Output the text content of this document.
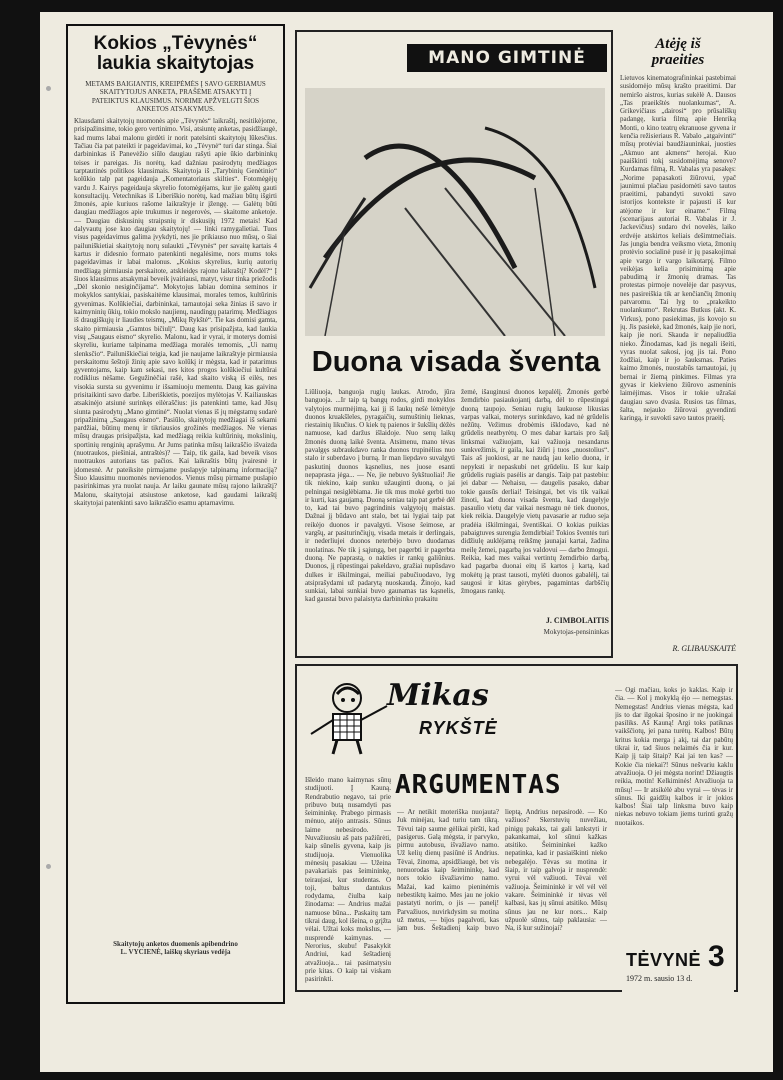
Kokios „Tėvynės“
laukia skaitytojas

METAMS BAIGIANTIS, KREIPĖMĖS Į SAVO GERBIAMUS SKAITYTOJUS ANKETA, PRAŠĖME ATSAKYTI Į PATEIKTUS KLAUSIMUS. NORIME APŽVELGTI ŠIOS ANKETOS ATSAKYMUS.

Klausdami skaitytojų nuomonės apie „Tėvynės“ laikraštį, nesitikėjome, prisipažinsime, tokio gero vertinimo. Visi, atsiuntę anketas, pasidžiaugė, kad mums labai malonu girdėti ir norit patelsinti skaitytojų lūkesčius. Tačiau čia pat pateikti ir pageidavimai, ko „Tėvynė“ turi dar stinga. Šiai darbininkas iš Panevėžio siūlo daugiau rašyti apie ūkio darbininkų teises ir pareigas. Jis norėtų, kad dažniau pasirodytų medžiagos tarptautinės politikos klausimais. Skaitytoja iš „Tarybinių Genėtinio“ kolūkio talp pat pageidauja „Komentatoriaus skilties“. Fotomėgėjų vardu J. Kairys pageidauja skyrelio fotomėgėjams, kur jie galėtų gauti konsultacijų. Vetechnikas iš Liberiškio norėtų, kad mažiau būtų išgirti žmonės, apie kuriuos rašome laikraštyje ir įžengę. — Galėtų būti daugiau medžiagos apie trukumus ir negerovės, — skaitome anketoje. — Daugiau diskusinių straipsnių ir diskusijų 1972 metais! Kad dalyvautų jose kuo daugiau skaitytojų! — linki ramygalietiai. Tuos visus pageidavimus galima įvykdyti, nes jie prikiauso nuo mūsų, o šiai pailuniškietiai skaitytojų norų sulaukti „Tėvynės“ per savaitę kartais 4 kartus ir didesnio formato patenkinti negalėsime, nors mums toks pageidavimas ir labai malonus. „Kokius skyrelius, kurių autorių medžiagą pirmiausia perskaitote, atskleidęs rajono laikraštį? Kodėl?“ Į šiuos klausimus atsakymai beveik įvairiausi, matyt, visur tinka priežodis „Dėl skonio nesiginčijama“. Mokytojus labiau domina seminos ir mokyklos santykiai, pasiskaitėme klausimai, morales temos, kultūrinis gyvenimas. Kolūkiečiai, darbininkai, tarnautojai seka žinias iš savo ir kaimyninių ūkių, tokio mokslo naujienų, naudingų patarimų. Medžiagos iš draugiškųjų ir liaudies teismų, „Mikų Rykštė“. Tie kas domisi gamta, skaito pirmiausia „Gamtos bičiulį“. Daug kas prisipažįsta, kad laukia visų „Saugaus eismo“ skyrelio. Malonu, kad ir vyrai, ir moterys domisi skyreliu, kuriame talpinama medžiaga moralės temomis, „Ui namų slenksčio“. Pailuniškiečiai teigia, kad jie naujame laikraštyje pirmiausia perskaitomu šeštoji žinių apie savo kolūkį ir mėgsta, kad ir patarimus gyventojams, kaip kam sekasi, nes kitos progos kolūkiečiui kultūrai rodiklius nėšame. Gegužinėčiai rašė, kad skaito viską iš eilės, nes visokia sursta su gyvenimu ir išsamiuoju mementu. Daug kas gaivina prisitaikinti savo darbe. Liberiškietis, poezijos mylėtojas V. Kailiauskas atsakinėjo atsiunė surinkęs eilėraščius: jis patenkinti tame, kad Jūsų siunta pasirodytų „Mano gimtinė“. Nuolat vienas iš jų mėgstamų sudarė pripažinimą „Saugaus eismo“. Pasiūlo, skaitytojų medžiagai iš sekami pardžiai, būtinų menų ir tikriausios grožinės medžiagos. Ne vienas mūsų draugas prisipažįsta, kad medžiagą reikia kultūrinių, mokslinių, sportinių renginių aprašymu. Ar Jums patinka mūsų laikraščio išvaizda (nuotraukos, piešiniai, antraštės)? — Taip, tik gaila, kad beveik visos nuotraukos autoriaus tas pačios. Kai laikraštis būtų įvairesnė ir įdomesnė. Ar pateiksite pirmajame puslapyje talpinamą informaciją? Šiuo klausimu nuomonės nevienodos. Vienus mūsų pirmame puslapio pasirinkimas yra nuolat nauja. Ar laiku gaunate mūsų rajono laikraštį? Malonu, skaitytojai atsiustose anketose, kad gaudami laikraštį skaitytojai patenkinti savo laikraščio esamu aptarnavimu.

Skaitytojų anketos duomenis apibendrino

L. VYCIENĖ, laiškų skyriaus vedėja

MANO GIMTINĖ
Duona visada šventa

Liūliuoja, banguoja rugių laukas. Atrodo, jūra banguoja. ...Ir taip tą bangų rodos, girdi mokyklos valytojos murmėjimą, kai jį iš laukų nešė lėmėtyje duonos kruakšleles, pyragaičių, sumuštinių lieknas, riestainių likučius. O kiek tų paienos ir šukšlių dėžės namuose, kad daržus išlaidoje. Nuo senų laikų žmonės duoną laikė šventa. Atsimenu, mano tėvas pavalgęs subraukdavo ranka duonos trupinėlius nuo stalo ir suberdavo į burną. Ir man liepdavo suvalgyti paskutinį duonos kąsnelius, nes juose esanti nepaprasta jėga... — Ne, jie nebuvo šykštuoliai! Jie tik niekino, kaip sunku užauginti duoną, o jai pelningai nesiglėbiama. Jie tik mus mokė gerbti tuo ir kurti, kas gaujamą. Duoną seniau taip pat gerbė dėl to, kad tai buvo pagrindinis valgytojų maistas. Dažnai jį būdavo ant stalo, bet tai lygiai taip pat reikėjo duonos ir pavalgyti. Visose šeimose, ar vargšų, ar pasiturinčiųjų, visada metais ir derlingais, ir nederliujei duonos neterbėjo buvo duodamas nuolatinas. Ne tik į sąjungą, bet pagerbti ir pagerbta duoną. Ne paprastą, o nakties ir rankų galiūnius. Duonos, jį rūpestingai pakeldavo, gražiai nupūsdavo dulkes ir iškilmingai, meiliai pabučiuodavo, lyg atsiprašydami už padarytą nuoskaudą. Žinojo, kad sunkiai, labai sunkiai buvo gaunamas tas kąsnelis, kad gaustai buvo palaistyta darbininko prakaitu

žemė, išauginusi duonos kepalėlį. Žmonės gerbė žemdirbio pasiaukojantį darbą, dėl to rūpestingai duoną taupojo. Seniau rugių laukuose likusias varpas valkai, moterys surinkdavo, kad nė grūdelis nežūtų. Vežimus drobėmis išklodavo, kad nė grūdelis neatbyrėtų. O mes dabar kartais pro šalį linksmai važiuojam, kai važiuoja nesandarus sunkvežimis, ir gaila, kai žiūri į tuos „nuostolius“. Tais aš juokiosi, ar ne naudą jau kelio duona, ir nepyksti ir nepaskubi net grūdeliu. Iš kur kaip grūdelis rugiais pasėlis ar dangis. Taip pat pastebiu: jei dabar — Nehaisu, — daugelis pasako, dabar tokie gausūs derliai! Teisingai, bet vis tik vaikai žinoti, kad duona visada šventa, kad daugelyje pasaulio vietų dar vaikai nesmagu nė tiek duonos, kiek reikia. Daugelyje vietų pavasarie ar ruduo seja pradėia iškilmingai, šventiškai. O kokias puikias pabaigtuves surengia žemdirbiai! Tokios šventės turi didžiulę auklėjamą reikšmę jaunajai kartai, žadina meilę žemei, pagarbą jos valdovui — darbo žmogui. Reikia, kad mes vaikai vertintų žemdirbio darbą, kad pagarba duonai eitų iš kartos į kartą, kad mokėtų ją prast tausoti, mylėti duonos gabalėlį, tai saugosi ir kitas gėrybes, pagamintas darbščių žmogaus rankų.

J. CIMBOLAITIS
Mokytojas-pensininkas
Atėję iš
praeities

Lietuvos kinematografininkai pastebimai susidomėjo mūsų krašto praeitimi. Dar nemiršo aistros, kurias sukėlė A. Dausos „Tas praeikštės nuolankumas“, A. Grikevičiaus „dairosi“ pro prūsališkų padangę, kuria filmą apie Henriką Monti, o kino teatrų ekranuose gyvena ir kenčia režisieriaus R. Vabalo „atgaivinti“ mūsų protėviai baudžiauninkai, juosties „Akmuo ant akmens“ herojai. Kuo paaiškinti tokį susidomėjimą senove? Kurdamas filmą, R. Vabalas yra pasakęs: „Norime papasakoti žiūrovui, ypač jaunimui plačiau pasidomėti savo tautos praeitimi, pabandyti suvokti savo istorijos kontekste ir pajausti iš kur atėjome ir kur einame.“ Filmą (scenarijaus autoriai R. Vabalas ir J. Jackevičius) sudaro dvi novelės, laiko erdvėje atskirtos keliais dešimtmečiais. Jas jungia bendra veiksmo vieta, žmonių protėvio socialinė pusė ir jų pasakojimai apie vargo ir vargo laikotarpį. Filmo veikėjas kelia prisiminimą apie pabudimą ir žmonių dramas. Tas protestas pirmoje novelėje dar pasyvus, nes pasireiškia tik ar kenčiančių žmonių patvaromu. Tai lyg to „prakeikto nuolankumo“. Rekrutas Butkus (akt. K. Virkus), pono pasiekimas, jis kovojo su jų. Jis pasiekė, kad žmonės, kaip jie nori, kaip jie nori. Skauda ir nepaliudžia nieko. Žinodamas, kad jis negali išeiti, vyras nuolat sakosi, jog jis tai. Pono žodžiai, kaip ir jo šauksmas. Paties kaimo žmonės, nuostabūs tarnautojai, jų bernai ir žiemą pinkimes. Filmas yra gyvas ir kiekvieno žiūrovo asmeninis laimėjimas. Visos ir tokie užrašai daugiau savo dvasia. Rusios tas filmas, šalta, nejauko žiūrovai gyvendinti karingą, ir suvokti savo tautos praeitį.

R. GLIBAUSKAITĖ
Mikas
RYKŠTĖ
ARGUMENTAS

Išleido mano kaimynas sūnų studijuoti. Į Kauną. Rendrabutio negavo, tai prie pribuvo butą nusamdyti pas šeimininkę. Prabego pirmasis mėnuo, atėjo antrasis. Sūnus laime nebesirodo. — Nuvažiuosiu aš pats pažiūrėti, kaip sūnelis gyvena, kaip jis studijuoja. Vienuolika mėnesių pasakiau — Užeina pavakariais pas šeimininkę, teiraujasi, kur studentas. O toji, baltus dantukus rodydama, čiulba kaip žinodama: — Andrius mažai namuose būna... Paskaitų tam tikrai daug, kol išeina, o grįžta vėlai. Užtai koks mokslus, — nusprendė kaimynas. — Nerorius, skubu! Pasakykit Andriui, kad šeštadienį atvažiuoja... tai pasimatysiu prie kitas. O kaip tai viskam pasirinkti.

— Ar netikit moteriška nuojauta? Juk minėjau, kad turiu tam tikrą. Tėvui taip saume gėlikai piršti, kad pasigerus. Galą mėgsta, ir parvyko, pirmu autobusu, išvažiavo namo. Už kelių dienų pasiūnė iš Andrius. Tėvai, žinoma, apsidžiaugė, bet vis nenuorodas kaip šeimininkę, kad nors tokio išvažiavimo namo. Mažai, kad kaimo pieninėmis nebestiktų kaimo. Mes jau ne jokio pastatyti norim, o jis — panelį! Parvažiuos, nuvirkdysim su motina už metus, — bijos pagalvoti, kas jam bus. Šeštadienį kaip buvo lieptą, Andrius nepasirodė. — Ko važiuos? Skerstuvių nuvežiau, pinigų pakaks, tai gali lankstyti ir pakankamai, kol sūnui kažkas atsitiko. Šeimininkei kažko nepatinka, kad ir pasiaiškinti nieko nebegalėjo. Tėvas su motina ir šiaip, ir taip galvoja ir nusprendė: vyrui vėl važiuoti. Tėvai vėl važiuoja. Šeimininkė ir vėl vėl vėl vakare. Šeimininkė ir tėvas vėl kalbasi, kas jų sūnui atsitiko. Mūsų sūnus jau ne kur nors... Kaip užpuolė sūnus, taip paklausia: — Na, iš kur sužinojai?

— Ogi mačiau, koks jo kaklas. Kaip ir čia. — Kol į mokyklą ėjo — nemegstas. Nemegstas! Andrius vienas mėgsta, kad jis to dar ilgokai šposino ir ne juokingai pasiliks. Aš Kauną! Argi toks patiknas vaikščiotų, jei pana turėtų. Kalbos! Būtų kritus kokia merga į akį, tai dar pabūtų tikrai ir, tad šiuos nelaimės čia ir kur. Kaip jį taip šitaip? Kai jai ten kas? — Kokie čia niekai?! Sūnus nešvariu kaklu atvažiuoja. O jei mėgsta norint! Džiaugtis reikia, motin! Kelkiminės! Atvažiuoja ta mūsų! — Ir atsikėlė abu vyrai — tėvas ir sūnus. Iki gaidžių kalbos ir ir jokios kalbos! Šiai talp linksma buvo kaip niekas nebuvo tokiam jiems turinti gražų nuotaikos.

TĖVYNĖ 3
1972 m. sausio 13 d.
